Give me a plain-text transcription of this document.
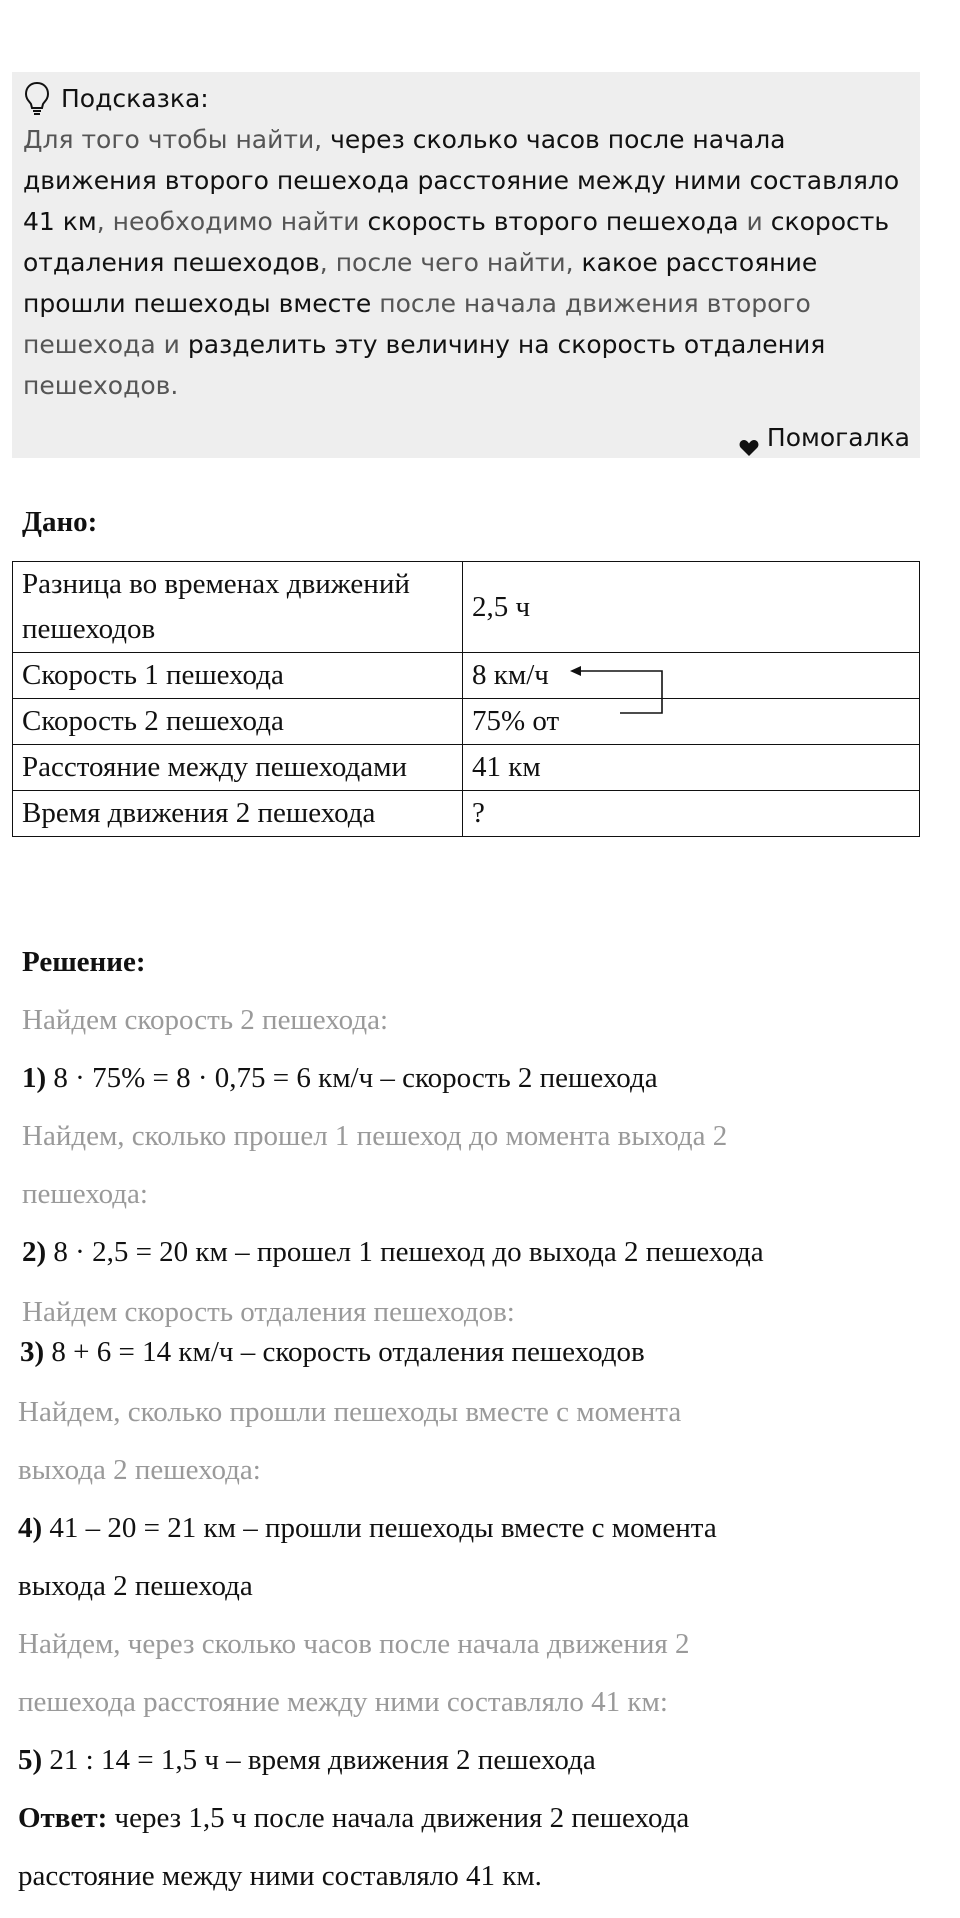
Подсказка:
Для того чтобы найти, через сколько часов после начала движения второго пешехода расстояние между ними составляло 41 км, необходимо найти скорость второго пешехода и скорость отдаления пешеходов, после чего найти, какое расстояние прошли пешеходы вместе после начала движения второго пешехода и разделить эту величину на скорость отдаления пешеходов.
Помогалка
Дано:
Разница во временах движений пешеходов	2,5 ч
Скорость 1 пешехода	8 км/ч
Скорость 2 пешехода	75% от
Расстояние между пешеходами	41 км
Время движения 2 пешехода	?
Решение:
Найдем скорость 2 пешехода:
1) 8 · 75% = 8 · 0,75 = 6 км/ч – скорость 2 пешехода
Найдем, сколько прошел 1 пешеход до момента выхода 2
пешехода:
2) 8 · 2,5 = 20 км – прошел 1 пешеход до выхода 2 пешехода
Найдем скорость отдаления пешеходов:
3) 8 + 6 = 14 км/ч – скорость отдаления пешеходов
Найдем, сколько прошли пешеходы вместе с момента
выхода 2 пешехода:
4) 41 – 20 = 21 км – прошли пешеходы вместе с момента
выхода 2 пешехода
Найдем, через сколько часов после начала движения 2
пешехода расстояние между ними составляло 41 км:
5) 21 : 14 = 1,5 ч – время движения 2 пешехода
Ответ: через 1,5 ч после начала движения 2 пешехода
расстояние между ними составляло 41 км.
